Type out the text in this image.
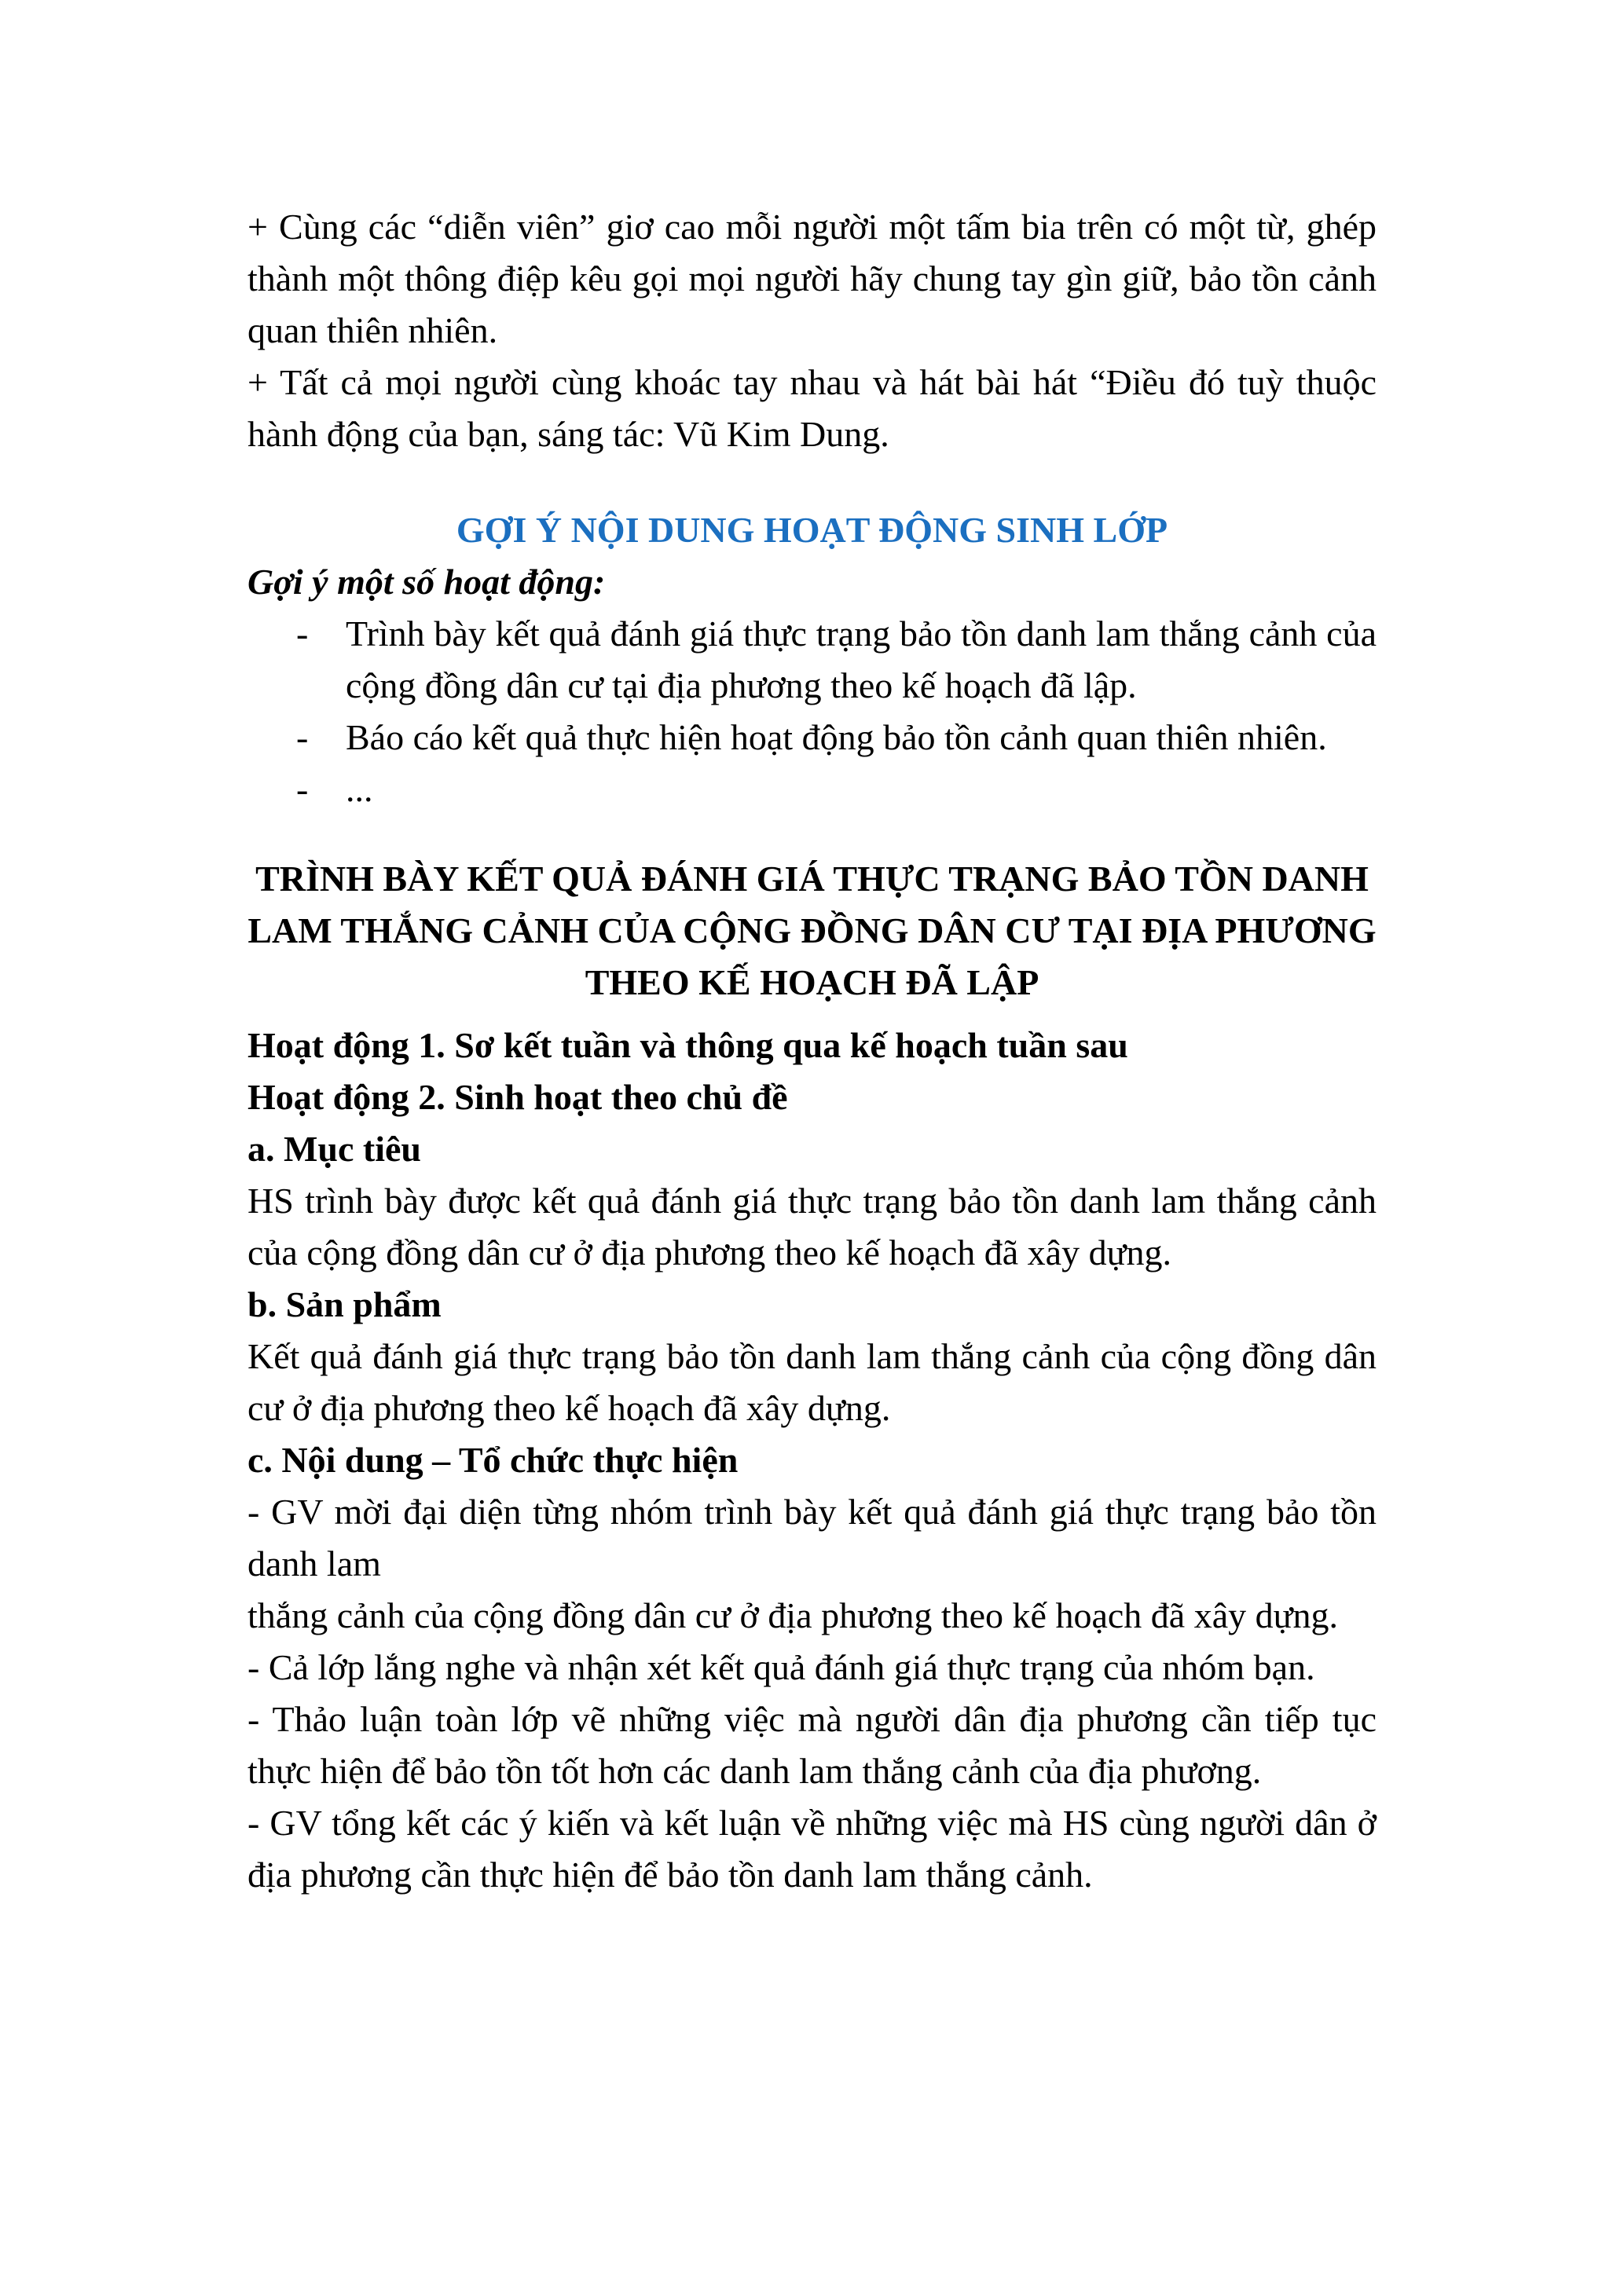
+ Cùng các “diễn viên” giơ cao mỗi người một tấm bia trên có một từ, ghép thành một thông điệp kêu gọi mọi người hãy chung tay gìn giữ, bảo tồn cảnh quan thiên nhiên.

+ Tất cả mọi người cùng khoác tay nhau và hát bài hát “Điều đó tuỳ thuộc hành động của bạn, sáng tác: Vũ Kim Dung.

GỢI Ý NỘI DUNG HOẠT ĐỘNG SINH LỚP

Gợi ý một số hoạt động:

- Trình bày kết quả đánh giá thực trạng bảo tồn danh lam thắng cảnh của cộng đồng dân cư tại địa phương theo kế hoạch đã lập.
- Báo cáo kết quả thực hiện hoạt động bảo tồn cảnh quan thiên nhiên.
- ...
TRÌNH BÀY KẾT QUẢ ĐÁNH GIÁ THỰC TRẠNG BẢO TỒN DANH LAM THẮNG CẢNH CỦA CỘNG ĐỒNG DÂN CƯ TẠI ĐỊA PHƯƠNG THEO KẾ HOẠCH ĐÃ LẬP

Hoạt động 1. Sơ kết tuần và thông qua kế hoạch tuần sau

Hoạt động 2. Sinh hoạt theo chủ đề

a. Mục tiêu

HS trình bày được kết quả đánh giá thực trạng bảo tồn danh lam thắng cảnh của cộng đồng dân cư ở địa phương theo kế hoạch đã xây dựng.

b. Sản phẩm

Kết quả đánh giá thực trạng bảo tồn danh lam thắng cảnh của cộng đồng dân cư ở địa phương theo kế hoạch đã xây dựng.

c. Nội dung – Tổ chức thực hiện

- GV mời đại diện từng nhóm trình bày kết quả đánh giá thực trạng bảo tồn danh lam

thắng cảnh của cộng đồng dân cư ở địa phương theo kế hoạch đã xây dựng.

- Cả lớp lắng nghe và nhận xét kết quả đánh giá thực trạng của nhóm bạn.

- Thảo luận toàn lớp vẽ những việc mà người dân địa phương cần tiếp tục thực hiện để bảo tồn tốt hơn các danh lam thắng cảnh của địa phương.

- GV tổng kết các ý kiến và kết luận về những việc mà HS cùng người dân ở địa phương cần thực hiện để bảo tồn danh lam thắng cảnh.
